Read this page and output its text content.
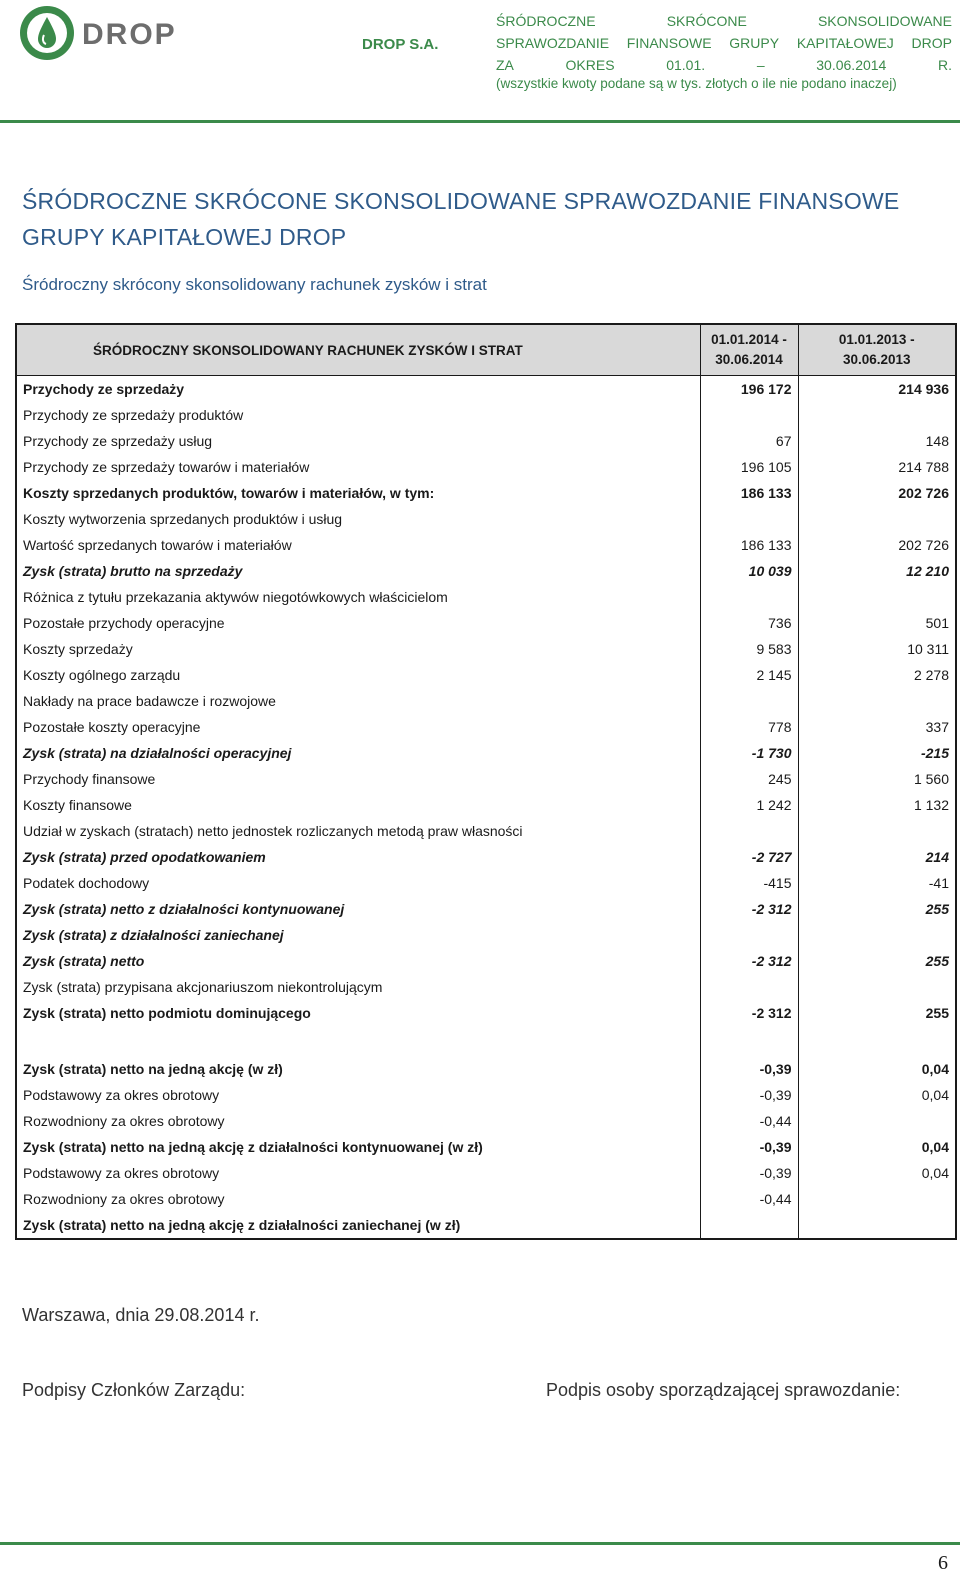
DROP	DROP S.A.
ŚRÓDROCZNE	SKRÓCONE	SKONSOLIDOWANE
SPRAWOZDANIE FINANSOWE GRUPY KAPITAŁOWEJ DROP
ZA	OKRES	01.01.	–	30.06.2014	R.
(wszystkie kwoty podane są w tys. złotych o ile nie podano inaczej)
ŚRÓDROCZNE SKRÓCONE SKONSOLIDOWANE SPRAWOZDANIE FINANSOWE GRUPY KAPITAŁOWEJ DROP
Śródroczny skrócony skonsolidowany rachunek zysków i strat
ŚRÓDROCZNY SKONSOLIDOWANY RACHUNEK ZYSKÓW I STRAT	01.01.2014 - 30.06.2014	01.01.2013 - 30.06.2013
Przychody ze sprzedaży	196 172	214 936
Przychody ze sprzedaży produktów		
Przychody ze sprzedaży usług	67	148
Przychody ze sprzedaży towarów i materiałów	196 105	214 788
Koszty sprzedanych produktów, towarów i materiałów, w tym:	186 133	202 726
Koszty wytworzenia sprzedanych produktów i usług		
Wartość sprzedanych towarów i materiałów	186 133	202 726
Zysk (strata) brutto na sprzedaży	10 039	12 210
Różnica z tytułu przekazania aktywów niegotówkowych właścicielom		
Pozostałe przychody operacyjne	736	501
Koszty sprzedaży	9 583	10 311
Koszty ogólnego zarządu	2 145	2 278
Nakłady na prace badawcze i rozwojowe		
Pozostałe koszty operacyjne	778	337
Zysk (strata) na działalności operacyjnej	-1 730	-215
Przychody finansowe	245	1 560
Koszty finansowe	1 242	1 132
Udział w zyskach (stratach) netto jednostek rozliczanych metodą praw własności		
Zysk (strata) przed opodatkowaniem	-2 727	214
Podatek dochodowy	-415	-41
Zysk (strata) netto z działalności kontynuowanej	-2 312	255
Zysk (strata) z działalności zaniechanej		
Zysk (strata) netto	-2 312	255
Zysk (strata) przypisana akcjonariuszom niekontrolującym		
Zysk (strata) netto podmiotu dominującego	-2 312	255

Zysk (strata) netto na jedną akcję (w zł)	-0,39	0,04
Podstawowy za okres obrotowy	-0,39	0,04
Rozwodniony za okres obrotowy	-0,44	
Zysk (strata) netto na jedną akcję z działalności kontynuowanej (w zł)	-0,39	0,04
Podstawowy za okres obrotowy	-0,39	0,04
Rozwodniony za okres obrotowy	-0,44	
Zysk (strata) netto na jedną akcję z działalności zaniechanej (w zł)		
Warszawa, dnia 29.08.2014 r.
Podpisy Członków Zarządu:	Podpis osoby sporządzającej sprawozdanie:
6
